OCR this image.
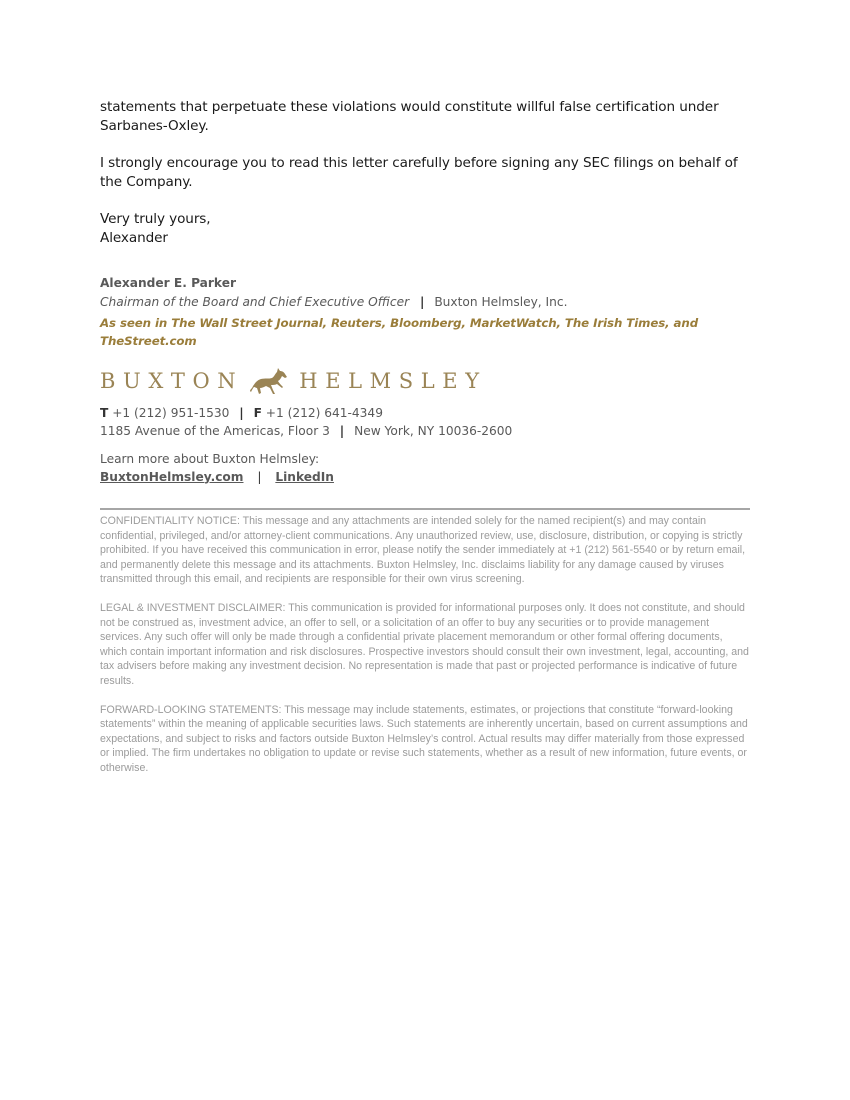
statements that perpetuate these violations would constitute willful false certification under Sarbanes-Oxley.

I strongly encourage you to read this letter carefully before signing any SEC filings on behalf of the Company.

Very truly yours,

Alexander

Alexander E. Parker
Chairman of the Board and Chief Executive Officer | Buxton Helmsley, Inc.
As seen in The Wall Street Journal, Reuters, Bloomberg, MarketWatch, The Irish Times, and TheStreet.com
BUXTON	HELMSLEY
T +1 (212) 951-1530 | F +1 (212) 641-4349
1185 Avenue of the Americas, Floor 3 | New York, NY 10036-2600
Learn more about Buxton Helmsley:
BuxtonHelmsley.com | LinkedIn

CONFIDENTIALITY NOTICE: This message and any attachments are intended solely for the named recipient(s) and may contain confidential, privileged, and/or attorney-client communications. Any unauthorized review, use, disclosure, distribution, or copying is strictly prohibited. If you have received this communication in error, please notify the sender immediately at +1 (212) 561-5540 or by return email, and permanently delete this message and its attachments. Buxton Helmsley, Inc. disclaims liability for any damage caused by viruses transmitted through this email, and recipients are responsible for their own virus screening.

LEGAL & INVESTMENT DISCLAIMER: This communication is provided for informational purposes only. It does not constitute, and should not be construed as, investment advice, an offer to sell, or a solicitation of an offer to buy any securities or to provide management services. Any such offer will only be made through a confidential private placement memorandum or other formal offering documents, which contain important information and risk disclosures. Prospective investors should consult their own investment, legal, accounting, and tax advisers before making any investment decision. No representation is made that past or projected performance is indicative of future results.

FORWARD-LOOKING STATEMENTS: This message may include statements, estimates, or projections that constitute “forward-looking statements” within the meaning of applicable securities laws. Such statements are inherently uncertain, based on current assumptions and expectations, and subject to risks and factors outside Buxton Helmsley’s control. Actual results may differ materially from those expressed or implied. The firm undertakes no obligation to update or revise such statements, whether as a result of new information, future events, or otherwise.
